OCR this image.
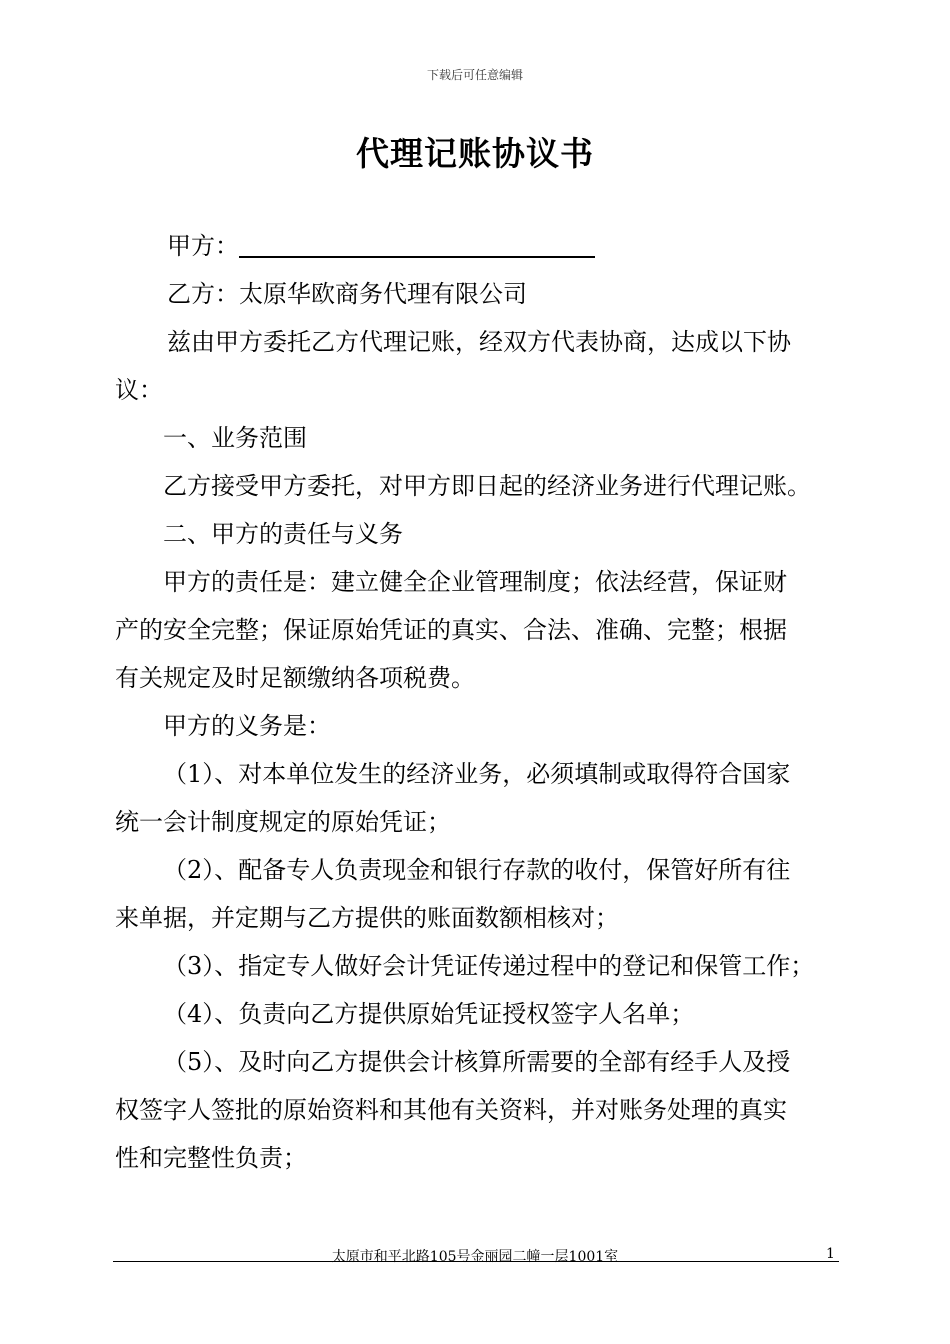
下载后可任意编辑
代理记账协议书
甲方：
乙方：太原华欧商务代理有限公司
兹由甲方委托乙方代理记账，经双方代表协商，达成以下协
议：
一、业务范围
乙方接受甲方委托，对甲方即日起的经济业务进行代理记账。
二、甲方的责任与义务
甲方的责任是：建立健全企业管理制度；依法经营，保证财
产的安全完整；保证原始凭证的真实、合法、准确、完整；根据
有关规定及时足额缴纳各项税费。
甲方的义务是：
（1）、对本单位发生的经济业务，必须填制或取得符合国家
统一会计制度规定的原始凭证；
（2）、配备专人负责现金和银行存款的收付，保管好所有往
来单据，并定期与乙方提供的账面数额相核对；
（3）、指定专人做好会计凭证传递过程中的登记和保管工作；
（4）、负责向乙方提供原始凭证授权签字人名单；
（5）、及时向乙方提供会计核算所需要的全部有经手人及授
权签字人签批的原始资料和其他有关资料，并对账务处理的真实
性和完整性负责；
太原市和平北路105号金丽园二幢一层1001室	1
